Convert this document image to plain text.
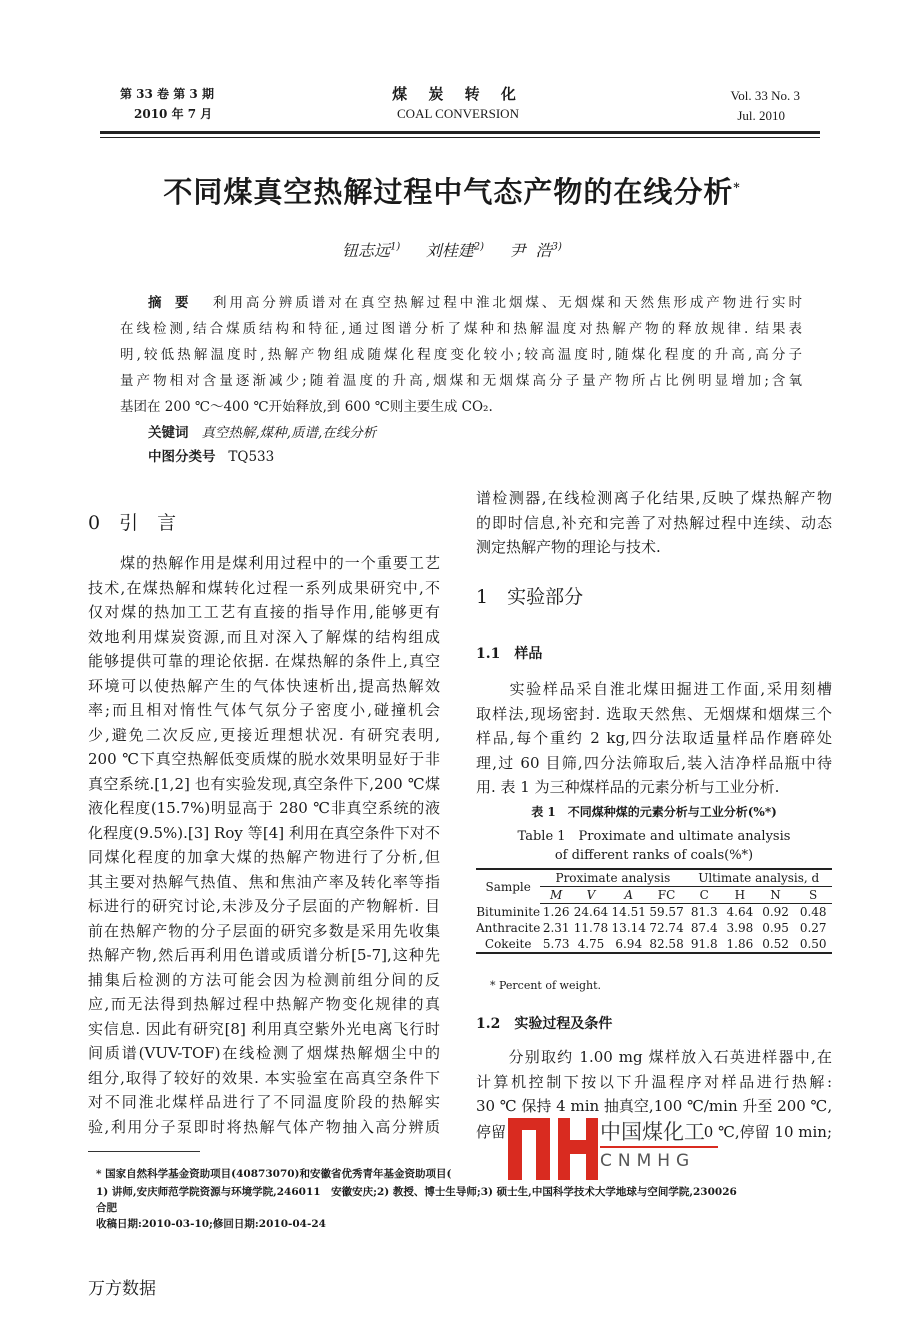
第 33 卷 第 3 期
2010 年 7 月
煤 炭 转 化
COAL CONVERSION
Vol. 33 No. 3
Jul. 2010
不同煤真空热解过程中气态产物的在线分析*
钮志远$^{1)}$ 刘桂建$^{2)}$ 尹  浩$^{3)}$
摘　要 利用高分辨质谱对在真空热解过程中淮北烟煤、无烟煤和天然焦形成产物进行实时
在线检测,结合煤质结构和特征,通过图谱分析了煤种和热解温度对热解产物的释放规律. 结果表
明,较低热解温度时,热解产物组成随煤化程度变化较小;较高温度时,随煤化程度的升高,高分子
量产物相对含量逐渐减少;随着温度的升高,烟煤和无烟煤高分子量产物所占比例明显增加;含氧
基团在 200 ℃～400 ℃开始释放,到 600 ℃则主要生成 CO₂.
关键词 真空热解,煤种,质谱,在线分析
中图分类号 TQ533
0　引　言
　　煤的热解作用是煤利用过程中的一个重要工艺
技术,在煤热解和煤转化过程一系列成果研究中,不
仅对煤的热加工工艺有直接的指导作用,能够更有
效地利用煤炭资源,而且对深入了解煤的结构组成
能够提供可靠的理论依据. 在煤热解的条件上,真空
环境可以使热解产生的气体快速析出,提高热解效
率;而且相对惰性气体气氛分子密度小,碰撞机会
少,避免二次反应,更接近理想状况. 有研究表明,
200 ℃下真空热解低变质煤的脱水效果明显好于非
真空系统.[1,2] 也有实验发现,真空条件下,200 ℃煤
液化程度(15.7%)明显高于 280 ℃非真空系统的液
化程度(9.5%).[3] Roy 等[4] 利用在真空条件下对不
同煤化程度的加拿大煤的热解产物进行了分析,但
其主要对热解气热值、焦和焦油产率及转化率等指
标进行的研究讨论,未涉及分子层面的产物解析. 目
前在热解产物的分子层面的研究多数是采用先收集
热解产物,然后再利用色谱或质谱分析[5-7],这种先
捕集后检测的方法可能会因为检测前组分间的反
应,而无法得到热解过程中热解产物变化规律的真
实信息. 因此有研究[8] 利用真空紫外光电离飞行时
间质谱(VUV-TOF)在线检测了烟煤热解烟尘中的
组分,取得了较好的效果. 本实验室在高真空条件下
对不同淮北煤样品进行了不同温度阶段的热解实
验,利用分子泵即时将热解气体产物抽入高分辨质
谱检测器,在线检测离子化结果,反映了煤热解产物
的即时信息,补充和完善了对热解过程中连续、动态
测定热解产物的理论与技术.
1　实验部分
1.1　样品
　　实验样品采自淮北煤田掘进工作面,采用刻槽
取样法,现场密封. 选取天然焦、无烟煤和烟煤三个
样品,每个重约 2 kg,四分法取适量样品作磨碎处
理,过 60 目筛,四分法筛取后,装入洁净样品瓶中待
用. 表 1 为三种煤样品的元素分析与工业分析.
表 1　不同煤种煤的元素分析与工业分析(%*)
Table 1　Proximate and ultimate analysis
of different ranks of coals(%*)
Sample	Proximate analysis				Ultimate analysis, d			
	M	V	A	FC	C	H	N	S
Bituminite	1.26	24.64	14.51	59.57	81.3	4.64	0.92	0.48
Anthracite	2.31	11.78	13.14	72.74	87.4	3.98	0.95	0.27
Cokeite	5.73	4.75	6.94	82.58	91.8	1.86	0.52	0.50
* Percent of weight.
1.2　实验过程及条件
　　分别取约 1.00 mg 煤样放入石英进样器中,在
计算机控制下按以下升温程序对样品进行热解:
30 ℃ 保持 4 min 抽真空,100 ℃/min 升至 200 ℃,
停留	0 ℃,停留 10 min;
* 国家自然科学基金资助项目(40873070)和安徽省优秀青年基金资助项目(
1) 讲师,安庆师范学院资源与环境学院,246011　安徽安庆;2) 教授、博士生导师;3) 硕士生,中国科学技术大学地球与空间学院,230026
合肥
收稿日期:2010-03-10;修回日期:2010-04-24
中国煤化工
CNMHG
万方数据
